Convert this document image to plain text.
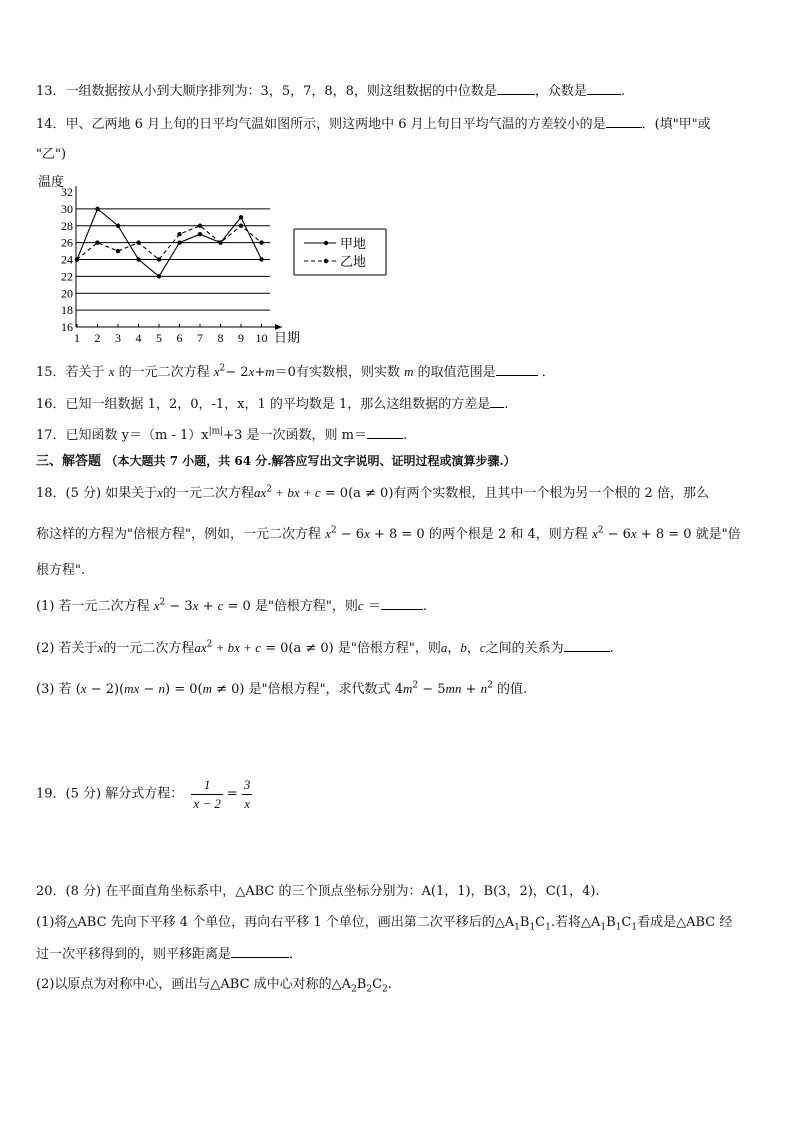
13．一组数据按从小到大顺序排列为：3，5，7，8，8，则这组数据的中位数是	，众数是	.
14．甲、乙两地 6 月上旬的日平均气温如图所示，则这两地中 6 月上旬日平均气温的方差较小的是	．(填"甲"或
"乙")
16
18
20
22
24
26
28
30
32
1 2 3 4 5 6 7 8 9 10
温度
日期
甲地
乙地
15．若关于 x 的一元二次方程 $x^2- 2x+m=0$有实数根，则实数 m 的取值范围是	．
16．已知一组数据 1，2，0，-1，x，1 的平均数是 1，那么这组数据的方差是 .
17．已知函数 $y=(m - 1)x^{|m|}+3$ 是一次函数，则 m＝	.
三、解答题 （本大题共 7 小题，共 64 分.解答应写出文字说明、证明过程或演算步骤.）
18．(5 分) 如果关于x的一元二次方程$ax^2$ + bx + c = 0(a ≠ 0)有两个实数根，且其中一个根为另一个根的 2 倍，那么
称这样的方程为"倍根方程"，例如，一元二次方程 $x^2 - 6x + 8 = 0$ 的两个根是 2 和 4，则方程 $x^2 - 6x + 8 = 0$ 就是"倍
根方程".
(1) 若一元二次方程 $x^2 - 3x + c = 0$ 是"倍根方程"，则c ＝	.
(2) 若关于x的一元二次方程$ax^2$ + bx + c = 0(a ≠ 0) 是"倍根方程"，则a，b，c之间的关系为	.
(3) 若 (x − 2)(mx − n) = 0(m ≠ 0) 是"倍根方程"，求代数式 $4m^2 - 5mn + n^2$ 的值.
19．(5 分) 解分式方程： $\frac{1}{x - 2} = \frac{3}{x}$
20．(8 分) 在平面直角坐标系中，△ABC 的三个顶点坐标分别为：A(1，1)，B(3，2)，C(1，4).
(1)将△ABC 先向下平移 4 个单位，再向右平移 1 个单位，画出第二次平移后的$\triangle A_1B_1C_1$.若将$\triangle A_1B_1C_1$看成是△ABC 经
过一次平移得到的，则平移距离是	．
(2)以原点为对称中心，画出与△ABC 成中心对称的$\triangle A_2B_2C_2$.
